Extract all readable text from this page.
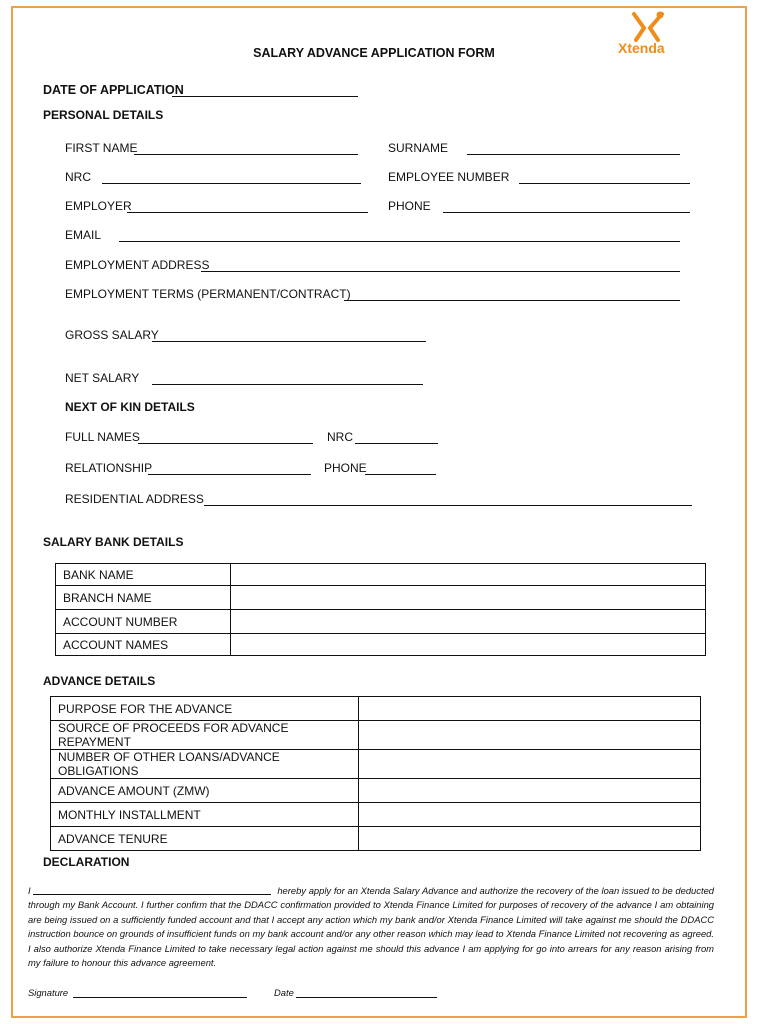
SALARY ADVANCE APPLICATION FORM	Xtenda
DATE OF APPLICATION
PERSONAL DETAILS
FIRST NAME	SURNAME
NRC	EMPLOYEE NUMBER
EMPLOYER	PHONE
EMAIL
EMPLOYMENT ADDRESS
EMPLOYMENT TERMS (PERMANENT/CONTRACT)
GROSS SALARY
NET SALARY
NEXT OF KIN DETAILS
FULL NAMES	NRC
RELATIONSHIP	PHONE
RESIDENTIAL ADDRESS
SALARY BANK DETAILS
BANK NAME	
BRANCH NAME	
ACCOUNT NUMBER	
ACCOUNT NAMES	
ADVANCE DETAILS
PURPOSE FOR THE ADVANCE	
SOURCE OF PROCEEDS FOR ADVANCE REPAYMENT	
NUMBER OF OTHER LOANS/ADVANCE OBLIGATIONS	
ADVANCE AMOUNT (ZMW)	
MONTHLY INSTALLMENT	
ADVANCE TENURE	
DECLARATION
I	hereby apply for an Xtenda Salary Advance and authorize the recovery of the loan issued to be deducted through my Bank Account. I further confirm that the DDACC confirmation provided to Xtenda Finance Limited for purposes of recovery of the advance I am obtaining are being issued on a sufficiently funded account and that I accept any action which my bank and/or Xtenda Finance Limited will take against me should the DDACC instruction bounce on grounds of insufficient funds on my bank account and/or any other reason which may lead to Xtenda Finance Limited not recovering as agreed. I also authorize Xtenda Finance Limited to take necessary legal action against me should this advance I am applying for go into arrears for any reason arising from my failure to honour this advance agreement.
Signature	Date
